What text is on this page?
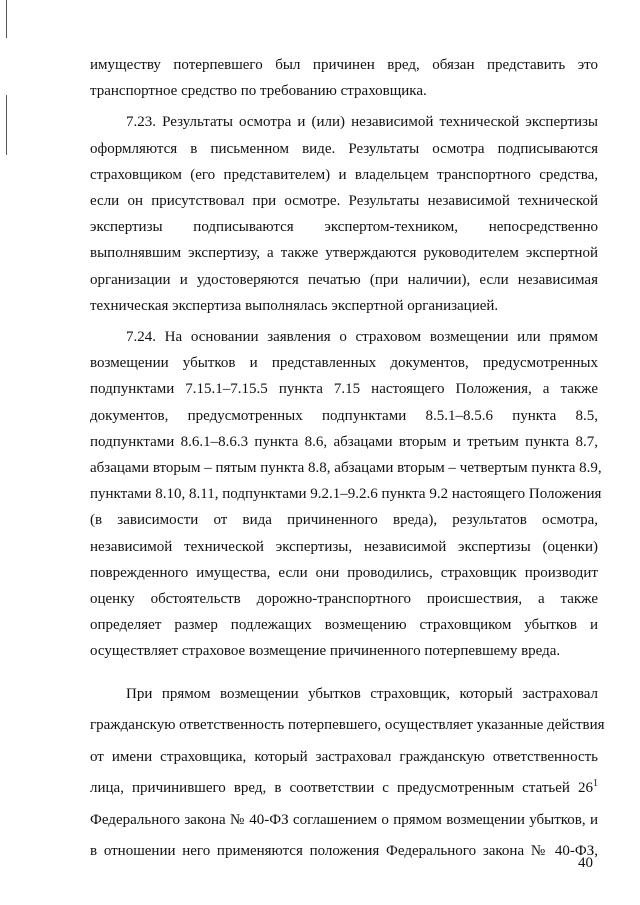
имуществу потерпевшего был причинен вред, обязан представить это
транспортное средство по требованию страховщика.
7.23. Результаты осмотра и (или) независимой технической экспертизы
оформляются в письменном виде. Результаты осмотра подписываются
страховщиком (его представителем) и владельцем транспортного средства,
если он присутствовал при осмотре. Результаты независимой технической
экспертизы подписываются экспертом-техником, непосредственно
выполнявшим экспертизу, а также утверждаются руководителем экспертной
организации и удостоверяются печатью (при наличии), если независимая
техническая экспертиза выполнялась экспертной организацией.
7.24. На основании заявления о страховом возмещении или прямом
возмещении убытков и представленных документов, предусмотренных
подпунктами 7.15.1–7.15.5 пункта 7.15 настоящего Положения, а также
документов, предусмотренных подпунктами 8.5.1–8.5.6 пункта 8.5,
подпунктами 8.6.1–8.6.3 пункта 8.6, абзацами вторым и третьим пункта 8.7,
абзацами вторым – пятым пункта 8.8, абзацами вторым – четвертым пункта 8.9,
пунктами 8.10, 8.11, подпунктами 9.2.1–9.2.6 пункта 9.2 настоящего Положения
(в зависимости от вида причиненного вреда), результатов осмотра,
независимой технической экспертизы, независимой экспертизы (оценки)
поврежденного имущества, если они проводились, страховщик производит
оценку обстоятельств дорожно-транспортного происшествия, а также
определяет размер подлежащих возмещению страховщиком убытков и
осуществляет страховое возмещение причиненного потерпевшему вреда.
При прямом возмещении убытков страховщик, который застраховал
гражданскую ответственность потерпевшего, осуществляет указанные действия
от имени страховщика, который застраховал гражданскую ответственность
лица, причинившего вред, в соответствии с предусмотренным статьей $26^1$
Федерального закона № 40-ФЗ соглашением о прямом возмещении убытков, и
в отношении него применяются положения Федерального закона № 40-ФЗ,
40
